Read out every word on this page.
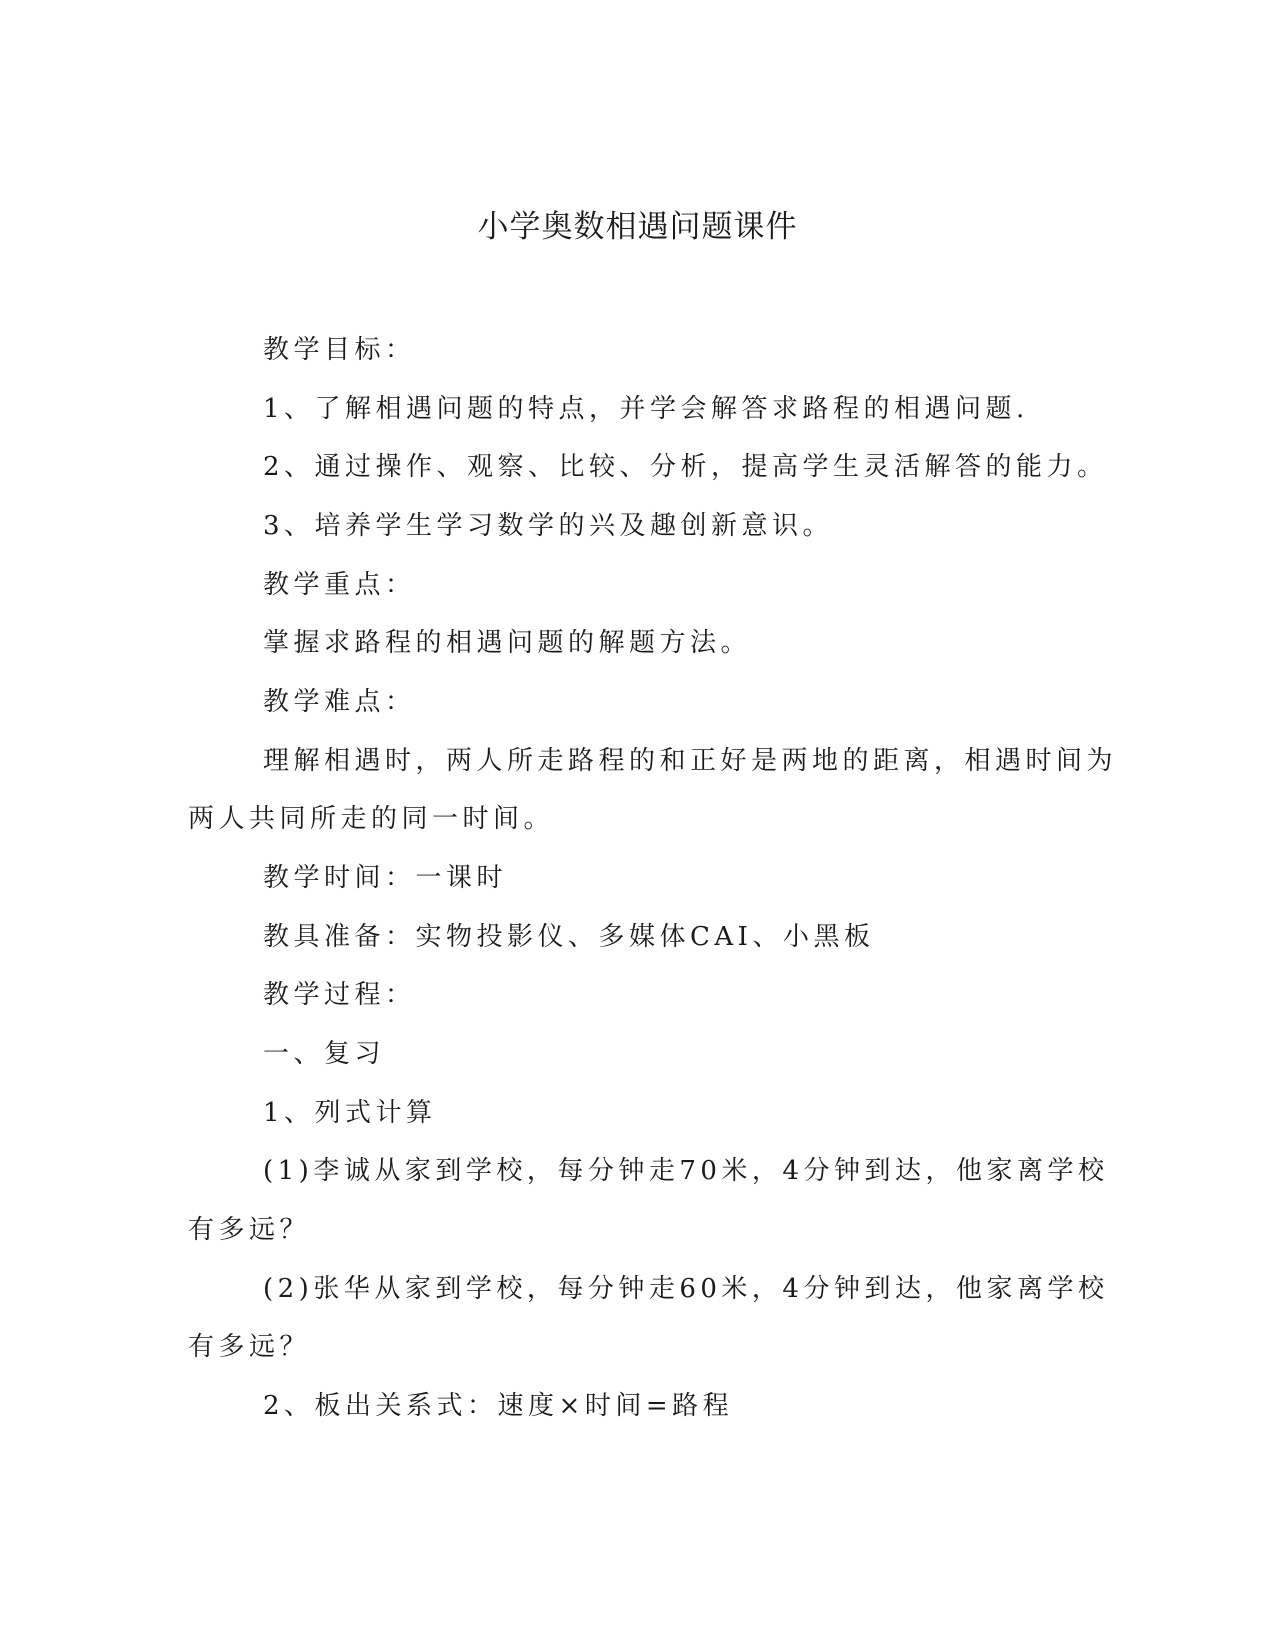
小学奥数相遇问题课件

教学目标：

1、了解相遇问题的特点，并学会解答求路程的相遇问题.

2、通过操作、观察、比较、分析，提高学生灵活解答的能力。

3、培养学生学习数学的兴及趣创新意识。

教学重点：

掌握求路程的相遇问题的解题方法。

教学难点：

理解相遇时，两人所走路程的和正好是两地的距离，相遇时间为

两人共同所走的同一时间。

教学时间：一课时

教具准备：实物投影仪、多媒体CAI、小黑板

教学过程：

一、复习

1、列式计算

(1)李诚从家到学校，每分钟走70米，4分钟到达，他家离学校

有多远？

(2)张华从家到学校，每分钟走60米，4分钟到达，他家离学校

有多远？

2、板出关系式：速度×时间=路程
